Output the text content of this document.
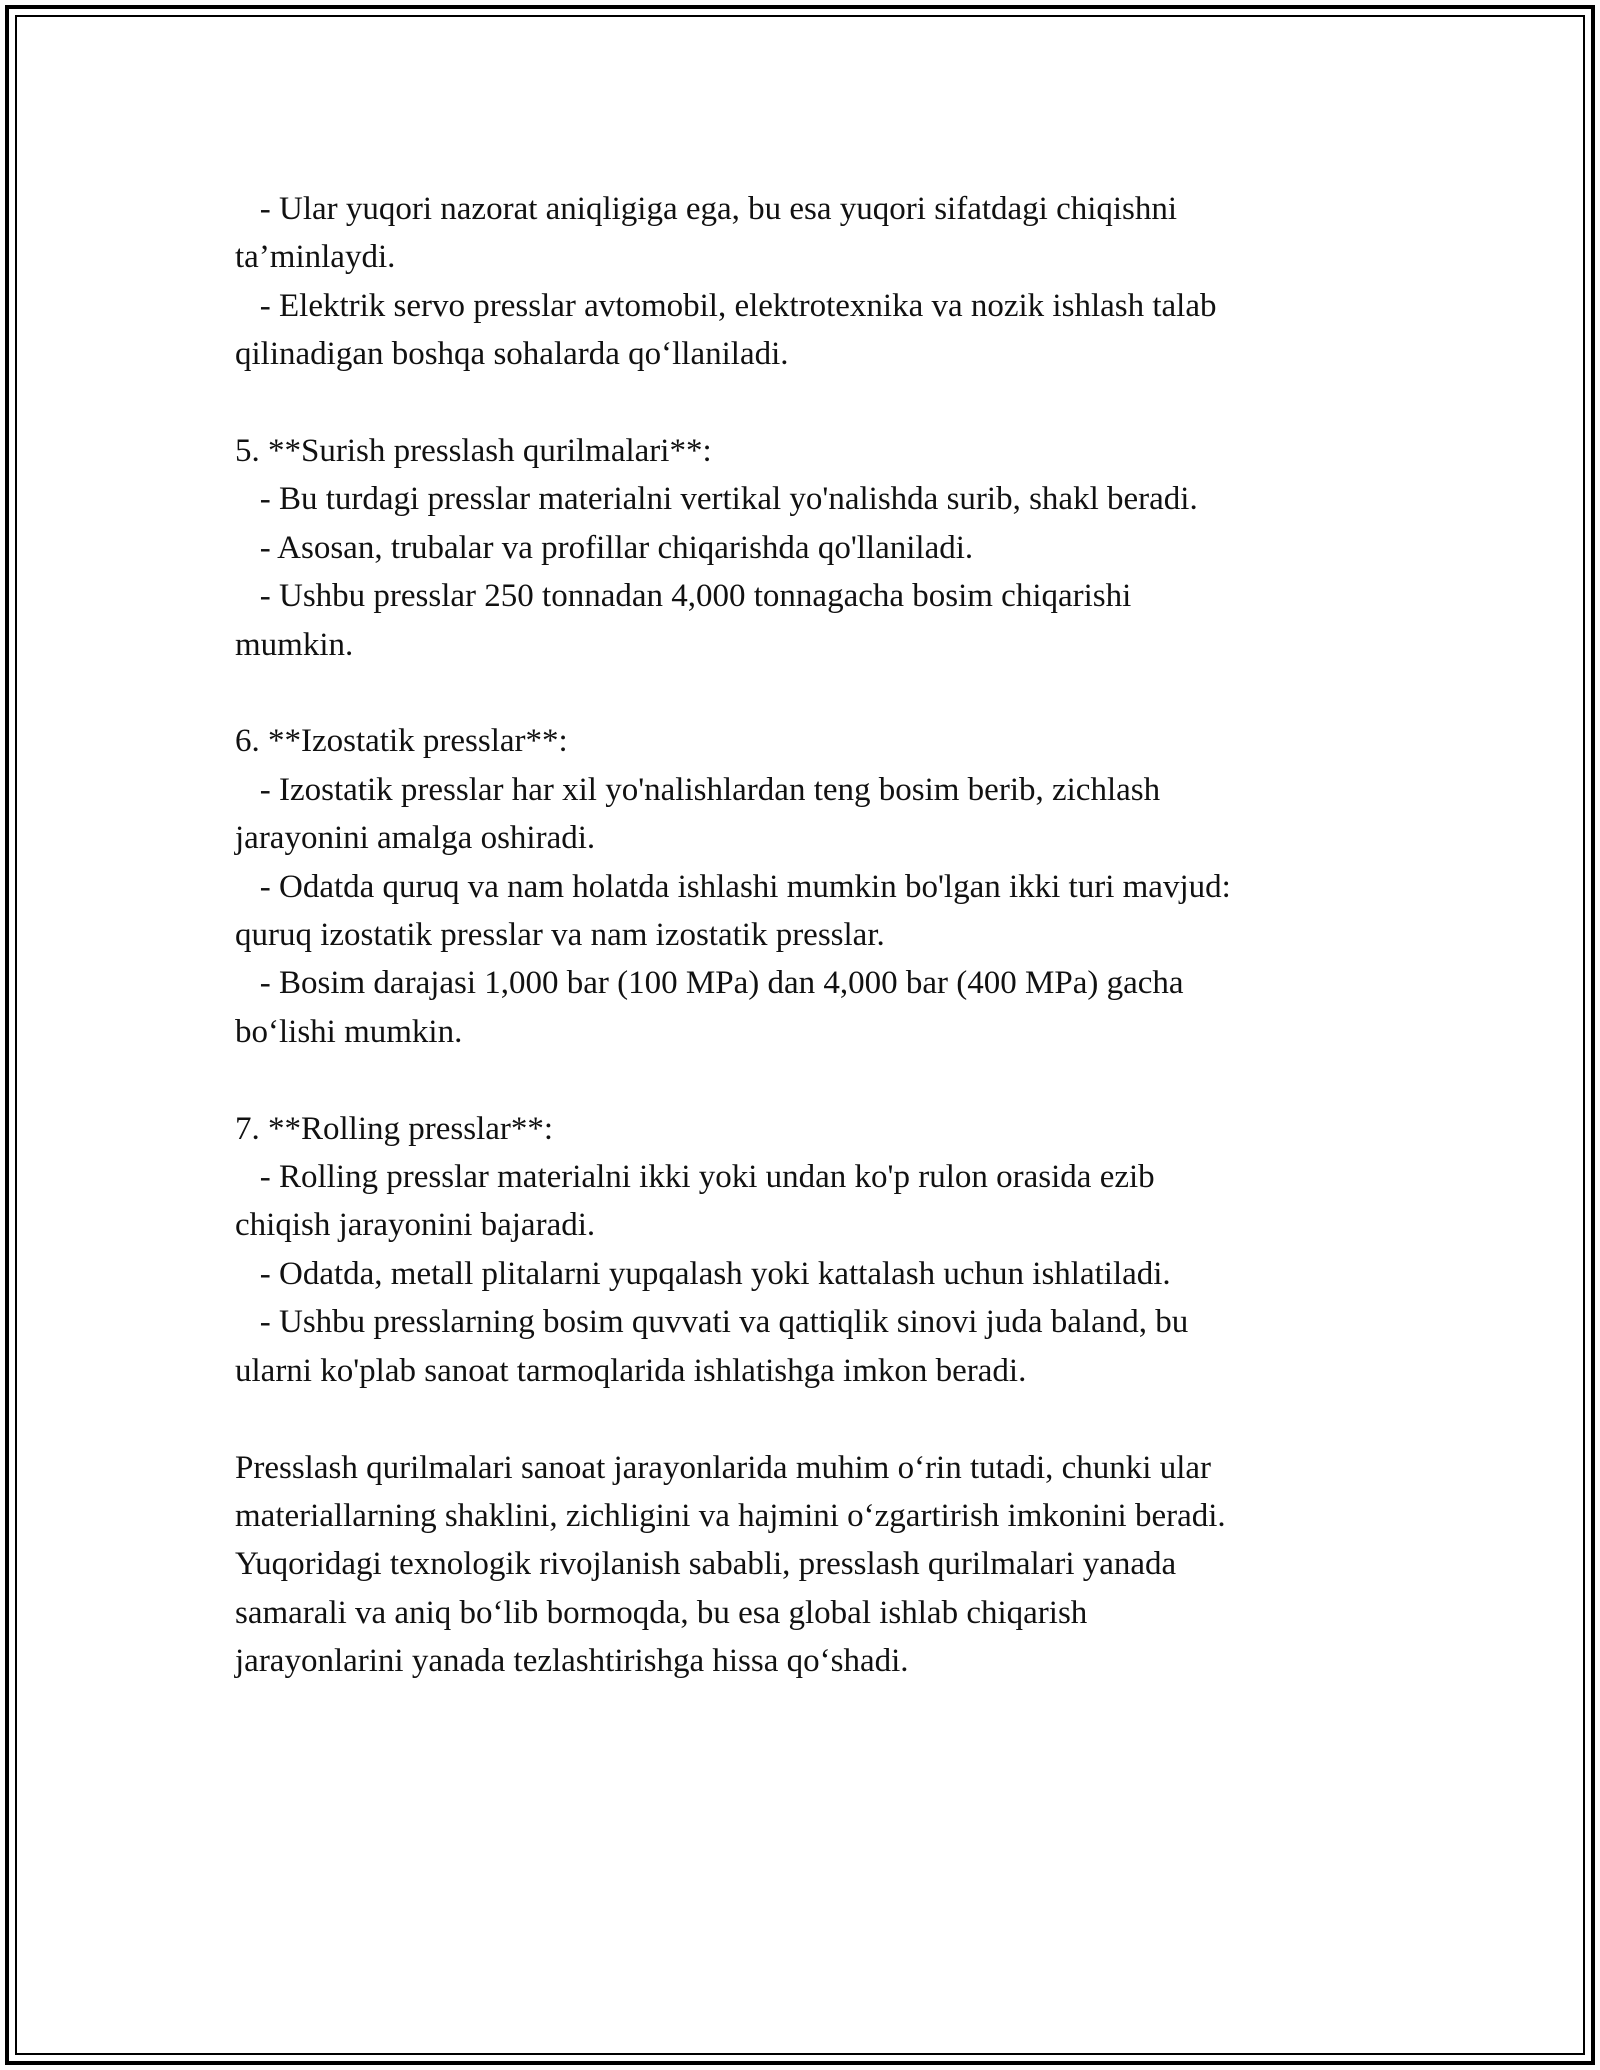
- Ular yuqori nazorat aniqligiga ega, bu esa yuqori sifatdagi chiqishni
ta’minlaydi.
- Elektrik servo presslar avtomobil, elektrotexnika va nozik ishlash talab
qilinadigan boshqa sohalarda qo‘llaniladi.
5. **Surish presslash qurilmalari**:
- Bu turdagi presslar materialni vertikal yo'nalishda surib, shakl beradi.
- Asosan, trubalar va profillar chiqarishda qo'llaniladi.
- Ushbu presslar 250 tonnadan 4,000 tonnagacha bosim chiqarishi
mumkin.
6. **Izostatik presslar**:
- Izostatik presslar har xil yo'nalishlardan teng bosim berib, zichlash
jarayonini amalga oshiradi.
- Odatda quruq va nam holatda ishlashi mumkin bo'lgan ikki turi mavjud:
quruq izostatik presslar va nam izostatik presslar.
- Bosim darajasi 1,000 bar (100 MPa) dan 4,000 bar (400 MPa) gacha
bo‘lishi mumkin.
7. **Rolling presslar**:
- Rolling presslar materialni ikki yoki undan ko'p rulon orasida ezib
chiqish jarayonini bajaradi.
- Odatda, metall plitalarni yupqalash yoki kattalash uchun ishlatiladi.
- Ushbu presslarning bosim quvvati va qattiqlik sinovi juda baland, bu
ularni ko'plab sanoat tarmoqlarida ishlatishga imkon beradi.
Presslash qurilmalari sanoat jarayonlarida muhim o‘rin tutadi, chunki ular
materiallarning shaklini, zichligini va hajmini o‘zgartirish imkonini beradi.
Yuqoridagi texnologik rivojlanish sababli, presslash qurilmalari yanada
samarali va aniq bo‘lib bormoqda, bu esa global ishlab chiqarish
jarayonlarini yanada tezlashtirishga hissa qo‘shadi.
